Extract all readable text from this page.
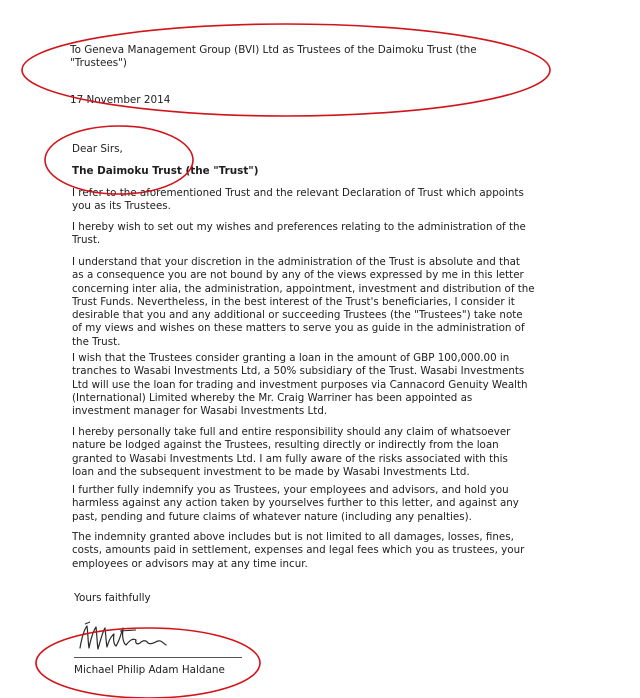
To Geneva Management Group (BVI) Ltd as Trustees of the Daimoku Trust (the
"Trustees")
17 November 2014
Dear Sirs,
The Daimoku Trust (the "Trust")

I refer to the aforementioned Trust and the relevant Declaration of Trust which appoints

you as its Trustees.

I hereby wish to set out my wishes and preferences relating to the administration of the

Trust.

I understand that your discretion in the administration of the Trust is absolute and that

as a consequence you are not bound by any of the views expressed by me in this letter

concerning inter alia, the administration, appointment, investment and distribution of the

Trust Funds. Nevertheless, in the best interest of the Trust's beneficiaries, I consider it

desirable that you and any additional or succeeding Trustees (the "Trustees") take note

of my views and wishes on these matters to serve you as guide in the administration of

the Trust.

I wish that the Trustees consider granting a loan in the amount of GBP 100,000.00 in

tranches to Wasabi Investments Ltd, a 50% subsidiary of the Trust. Wasabi Investments

Ltd will use the loan for trading and investment purposes via Cannacord Genuity Wealth

(International) Limited whereby the Mr. Craig Warriner has been appointed as

investment manager for Wasabi Investments Ltd.

I hereby personally take full and entire responsibility should any claim of whatsoever

nature be lodged against the Trustees, resulting directly or indirectly from the loan

granted to Wasabi Investments Ltd. I am fully aware of the risks associated with this

loan and the subsequent investment to be made by Wasabi Investments Ltd.

I further fully indemnify you as Trustees, your employees and advisors, and hold you

harmless against any action taken by yourselves further to this letter, and against any

past, pending and future claims of whatever nature (including any penalties).

The indemnity granted above includes but is not limited to all damages, losses, fines,

costs, amounts paid in settlement, expenses and legal fees which you as trustees, your

employees or advisors may at any time incur.

Yours faithfully
Michael Philip Adam Haldane
